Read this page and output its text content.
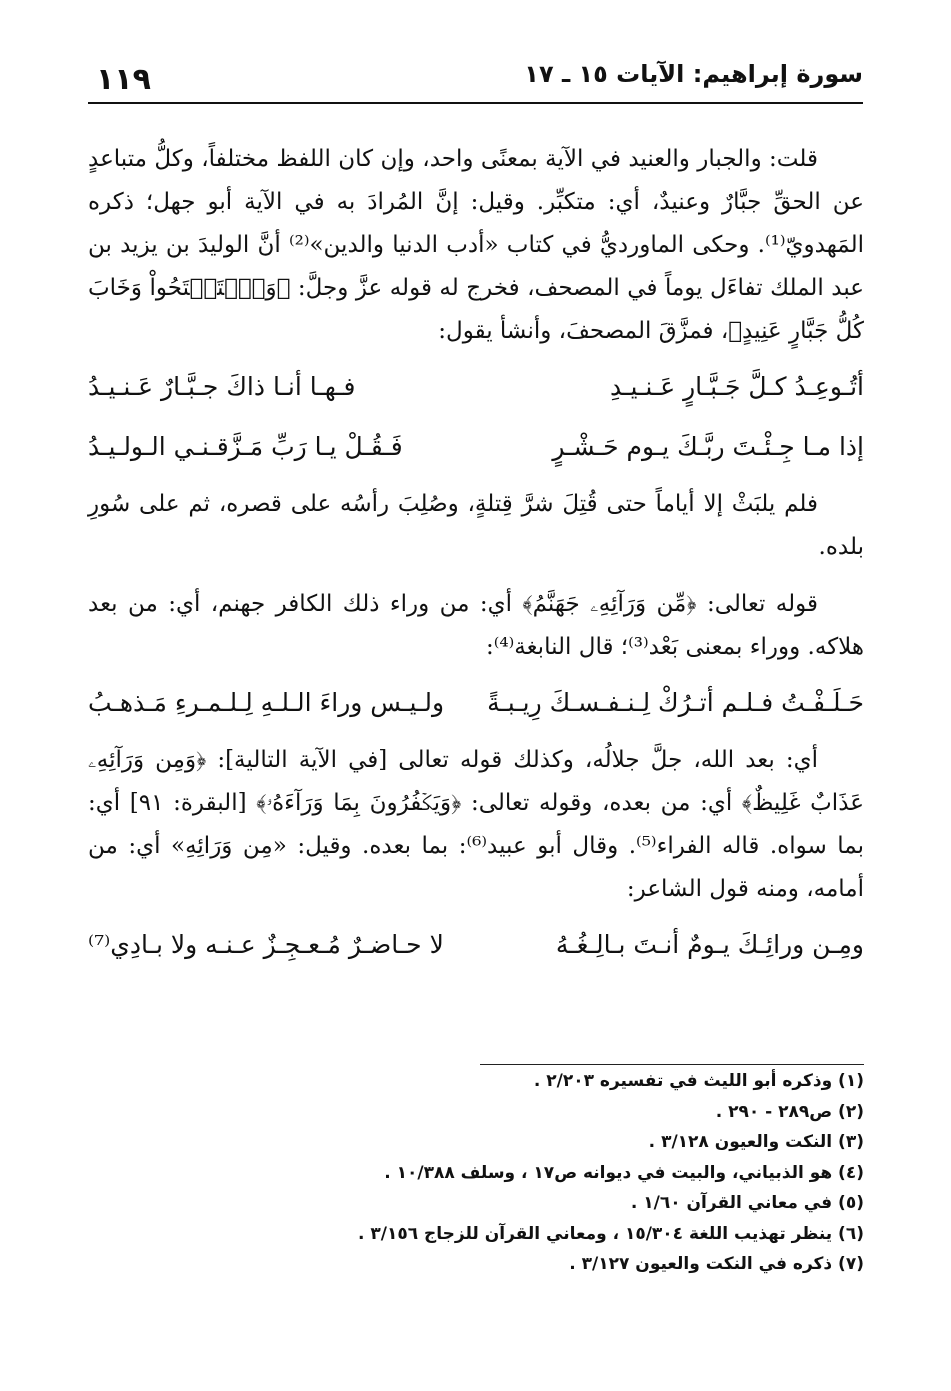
سورة إبراهيم: الآيات ١٥ ـ ١٧
١١٩

قلت: والجبار والعنيد في الآية بمعنًى واحد، وإن كان اللفظ مختلفاً، وكلُّ متباعدٍ عن الحقِّ جبَّارٌ وعنيدٌ، أي: متكبِّر. وقيل: إنَّ المُرادَ به في الآية أبو جهل؛ ذكره المَهدويّ⁽¹⁾. وحكى الماورديُّ في كتاب «أدب الدنيا والدين»⁽²⁾ أنَّ الوليدَ بن يزيد بن عبد الملك تفاءَل يوماً في المصحف، فخرج له قوله عزَّ وجلَّ: ﴿وَٱسۡتَفۡتَحُواْ وَخَابَ كُلُّ جَبَّارٍ عَنِيدٍ﴾، فمزَّقَ المصحفَ، وأنشأ يقول:

أتُـوعِـدُ كـلَّ جَـبَّـارٍ عَـنـيـدِ
فـهـا أنـا ذاكَ جـبَّـارٌ عَـنـيـدُ
إذا مـا جِـئْـتَ ربَّـكَ يـوم حَـشْـرٍ
فَـقُـلْ يـا رَبِّ مَـزَّقـنـي الـولـيـدُ

فلم يلبَثْ إلا أياماً حتى قُتِلَ شرَّ قِتلةٍ، وصُلِبَ رأسُه على قصره، ثم على سُورِ بلده.

قوله تعالى: ﴿مِّن وَرَآئِهِۦ جَهَنَّمُ﴾ أي: من وراء ذلك الكافر جهنم، أي: من بعد هلاكه. ووراء بمعنى بَعْد⁽³⁾؛ قال النابغة⁽⁴⁾:

حَـلَـفْـتُ فـلـم أتـرُكْ لِـنـفـسـكَ رِيـبـةً
ولـيـس وراءَ الـلـهِ لِـلـمـرءِ مَـذهـبُ

أي: بعد الله، جلَّ جلالُه، وكذلك قوله تعالى [في الآية التالية]: ﴿وَمِن وَرَآئِهِۦ عَذَابٌ غَلِيظٌ﴾ أي: من بعده، وقوله تعالى: ﴿وَيَكۡفُرُونَ بِمَا وَرَآءَهُۥ﴾ [البقرة: ٩١] أي: بما سواه. قاله الفراء⁽⁵⁾. وقال أبو عبيد⁽⁶⁾: بما بعده. وقيل: «مِن وَرَائِهِ» أي: من أمامه، ومنه قول الشاعر:

ومِـن ورائِـكَ يـومٌ أنـتَ بـالِـغُـهُ
لا حـاضـرٌ مُـعـجِـزٌ عـنـه ولا بـادِي⁽⁷⁾
(١) وذكره أبو الليث في تفسيره ٢/٢٠٣ .
(٢) ص٢٨٩ - ٢٩٠ .
(٣) النكت والعيون ٣/١٢٨ .
(٤) هو الذبياني، والبيت في ديوانه ص١٧ ، وسلف ١٠/٣٨٨ .
(٥) في معاني القرآن ١/٦٠ .
(٦) ينظر تهذيب اللغة ١٥/٣٠٤ ، ومعاني القرآن للزجاج ٣/١٥٦ .
(٧) ذكره في النكت والعيون ٣/١٢٧ .
